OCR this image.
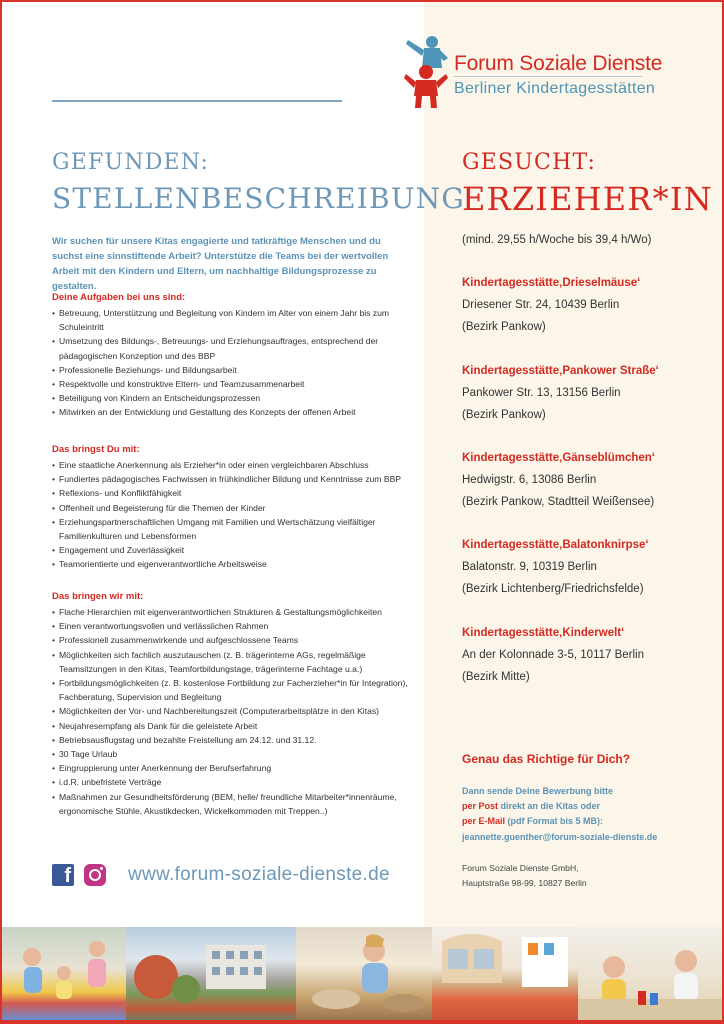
Forum Soziale Dienste
Berliner Kindertagesstätten
GEFUNDEN:
STELLENBESCHREIBUNG
Wir suchen für unsere Kitas engagierte und tatkräftige Menschen und du suchst eine sinnstiftende Arbeit? Unterstütze die Teams bei der wertvollen Arbeit mit den Kindern und Eltern, um nachhaltige Bildungsprozesse zu gestalten.
Deine Aufgaben bei uns sind:
• Betreuung, Unterstützung und Begleitung von Kindern im Alter von einem Jahr bis zum Schuleintritt
• Umsetzung des Bildungs-, Betreuungs- und Erziehungsauftrages, entsprechend der pädagogischen Konzeption und des BBP
• Professionelle Beziehungs- und Bildungsarbeit
• Respektvolle und konstruktive Eltern- und Teamzusammenarbeit
• Beteiligung von Kindern an Entscheidungsprozessen
• Mitwirken an der Entwicklung und Gestaltung des Konzepts der offenen Arbeit
Das bringst Du mit:
• Eine staatliche Anerkennung als Erzieher*in oder einen vergleichbaren Abschluss
• Fundiertes pädagogisches Fachwissen in frühkindlicher Bildung und Kenntnisse zum BBP
• Reflexions- und Konfliktfähigkeit
• Offenheit und Begeisterung für die Themen der Kinder
• Erziehungspartnerschaftlichen Umgang mit Familien und Wertschätzung vielfältiger Familienkulturen und Lebensformen
• Engagement und Zuverlässigkeit
• Teamorientierte und eigenverantwortliche Arbeitsweise
Das bringen wir mit:
• Flache Hierarchien mit eigenverantwortlichen Strukturen & Gestaltungsmöglichkeiten
• Einen verantwortungsvollen und verlässlichen Rahmen
• Professionell zusammenwirkende und aufgeschlossene Teams
• Möglichkeiten sich fachlich auszutauschen (z. B. trägerinterne AGs, regelmäßige Teamsitzungen in den Kitas, Teamfortbildungstage, trägerinterne Fachtage u.a.)
• Fortbildungsmöglichkeiten (z. B. kostenlose Fortbildung zur Facherzieher*in für Integration), Fachberatung, Supervision und Begleitung
• Möglichkeiten der Vor- und Nachbereitungszeit (Computerarbeitsplätze in den Kitas)
• Neujahresempfang als Dank für die geleistete Arbeit
• Betriebsausflugstag und bezahlte Freistellung am 24.12. und 31.12.
• 30 Tage Urlaub
• Eingruppierung unter Anerkennung der Berufserfahrung
• i.d.R. unbefristete Verträge
• Maßnahmen zur Gesundheitsförderung (BEM, helle/ freundliche Mitarbeiter*innenräume, ergonomische Stühle, Akustikdecken, Wickelkommoden mit Treppen..)
f	www.forum-soziale-dienste.de
GESUCHT:
ERZIEHER*IN
(mind. 29,55 h/Woche bis 39,4 h/Wo)
Kindertagesstätte‚Drieselmäuse‘
Driesener Str. 24, 10439 Berlin
(Bezirk Pankow)
Kindertagesstätte‚Pankower Straße‘
Pankower Str. 13, 13156 Berlin
(Bezirk Pankow)
Kindertagesstätte‚Gänseblümchen‘
Hedwigstr. 6, 13086 Berlin
(Bezirk Pankow, Stadtteil Weißensee)
Kindertagesstätte‚Balatonknirpse‘
Balatonstr. 9, 10319 Berlin
(Bezirk Lichtenberg/Friedrichsfelde)
Kindertagesstätte‚Kinderwelt‘
An der Kolonnade 3-5, 10117 Berlin
(Bezirk Mitte)
Genau das Richtige für Dich?
Dann sende Deine Bewerbung bitte
per Post direkt an die Kitas oder
per E-Mail (pdf Format bis 5 MB):
jeannette.guenther@forum-soziale-dienste.de
Forum Soziale Dienste GmbH,
Hauptstraße 98-99, 10827 Berlin
